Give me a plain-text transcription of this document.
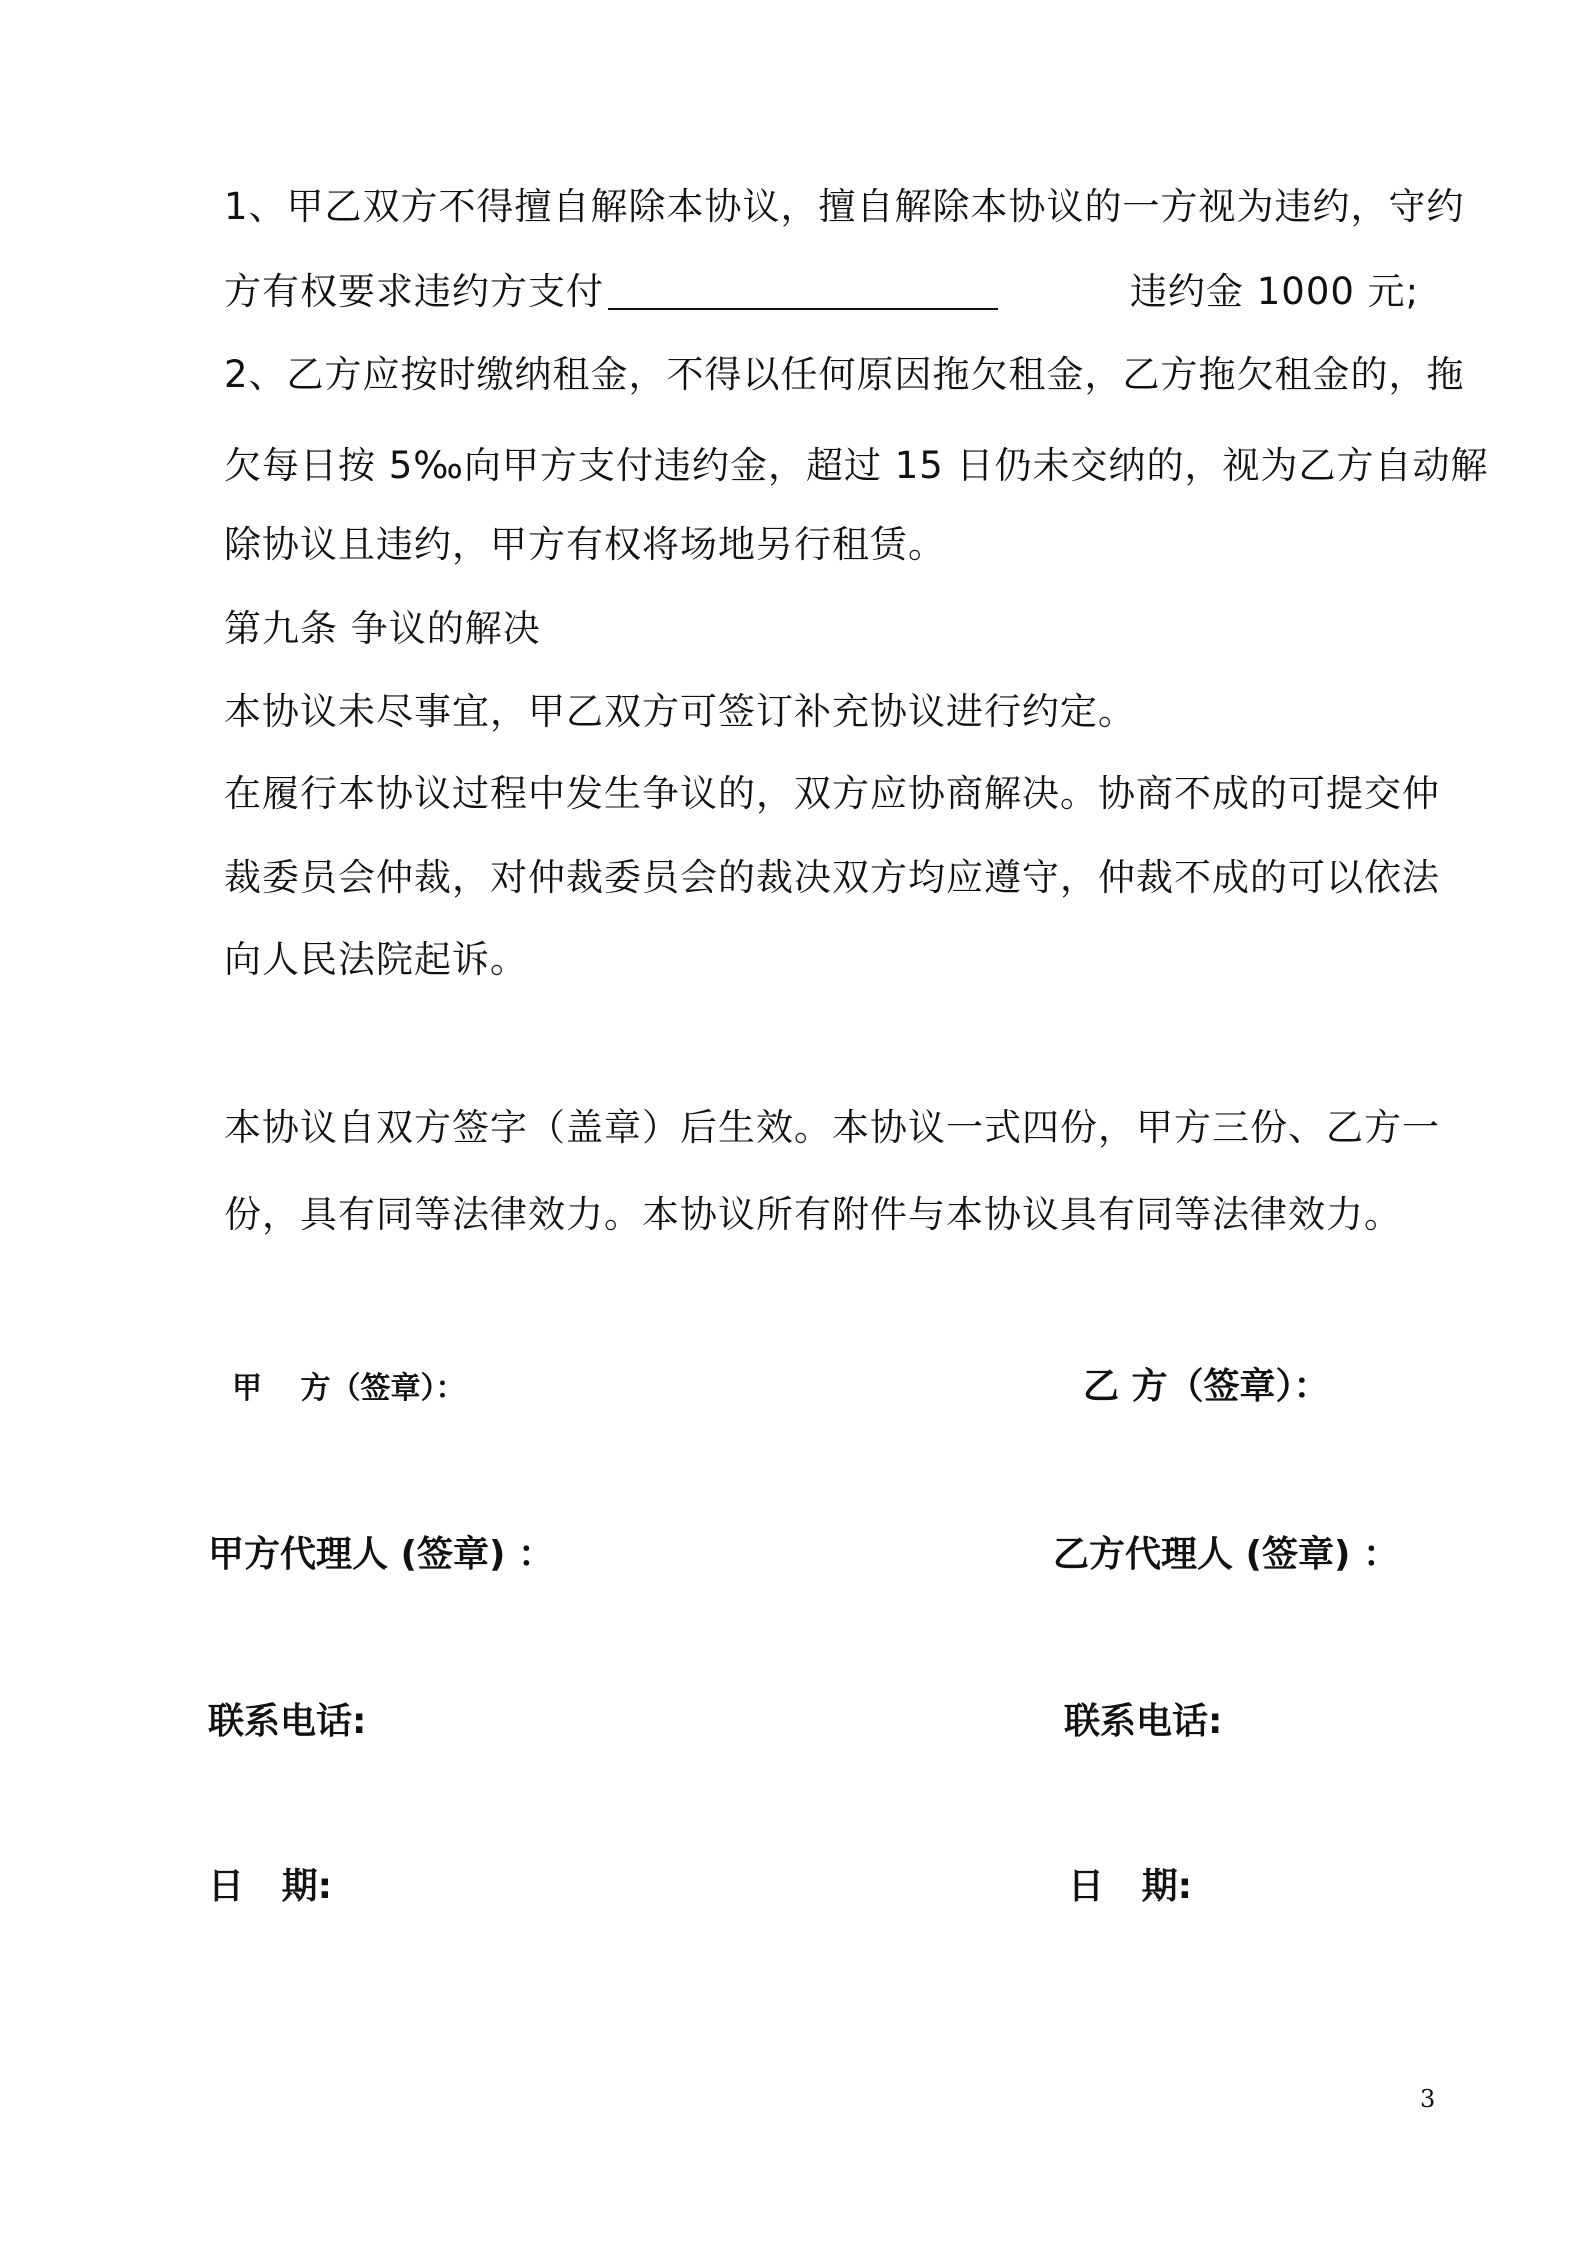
1、甲乙双方不得擅自解除本协议，擅自解除本协议的一方视为违约，守约
方有权要求违约方支付	违约金 1000 元;
2、乙方应按时缴纳租金，不得以任何原因拖欠租金，乙方拖欠租金的，拖
欠每日按 5‰向甲方支付违约金，超过 15 日仍未交纳的，视为乙方自动解
除协议且违约，甲方有权将场地另行租赁。
第九条 争议的解决
本协议未尽事宜，甲乙双方可签订补充协议进行约定。
在履行本协议过程中发生争议的，双方应协商解决。协商不成的可提交仲
裁委员会仲裁，对仲裁委员会的裁决双方均应遵守，仲裁不成的可以依法
向人民法院起诉。
本协议自双方签字（盖章）后生效。本协议一式四份，甲方三份、乙方一
份，具有同等法律效力。本协议所有附件与本协议具有同等法律效力。
甲 方（签章）：	乙 方（签章）：
甲方代理人 (签章) ：	乙方代理人 (签章) ：
联系电话:	联系电话:
日   期:	日   期:
3
